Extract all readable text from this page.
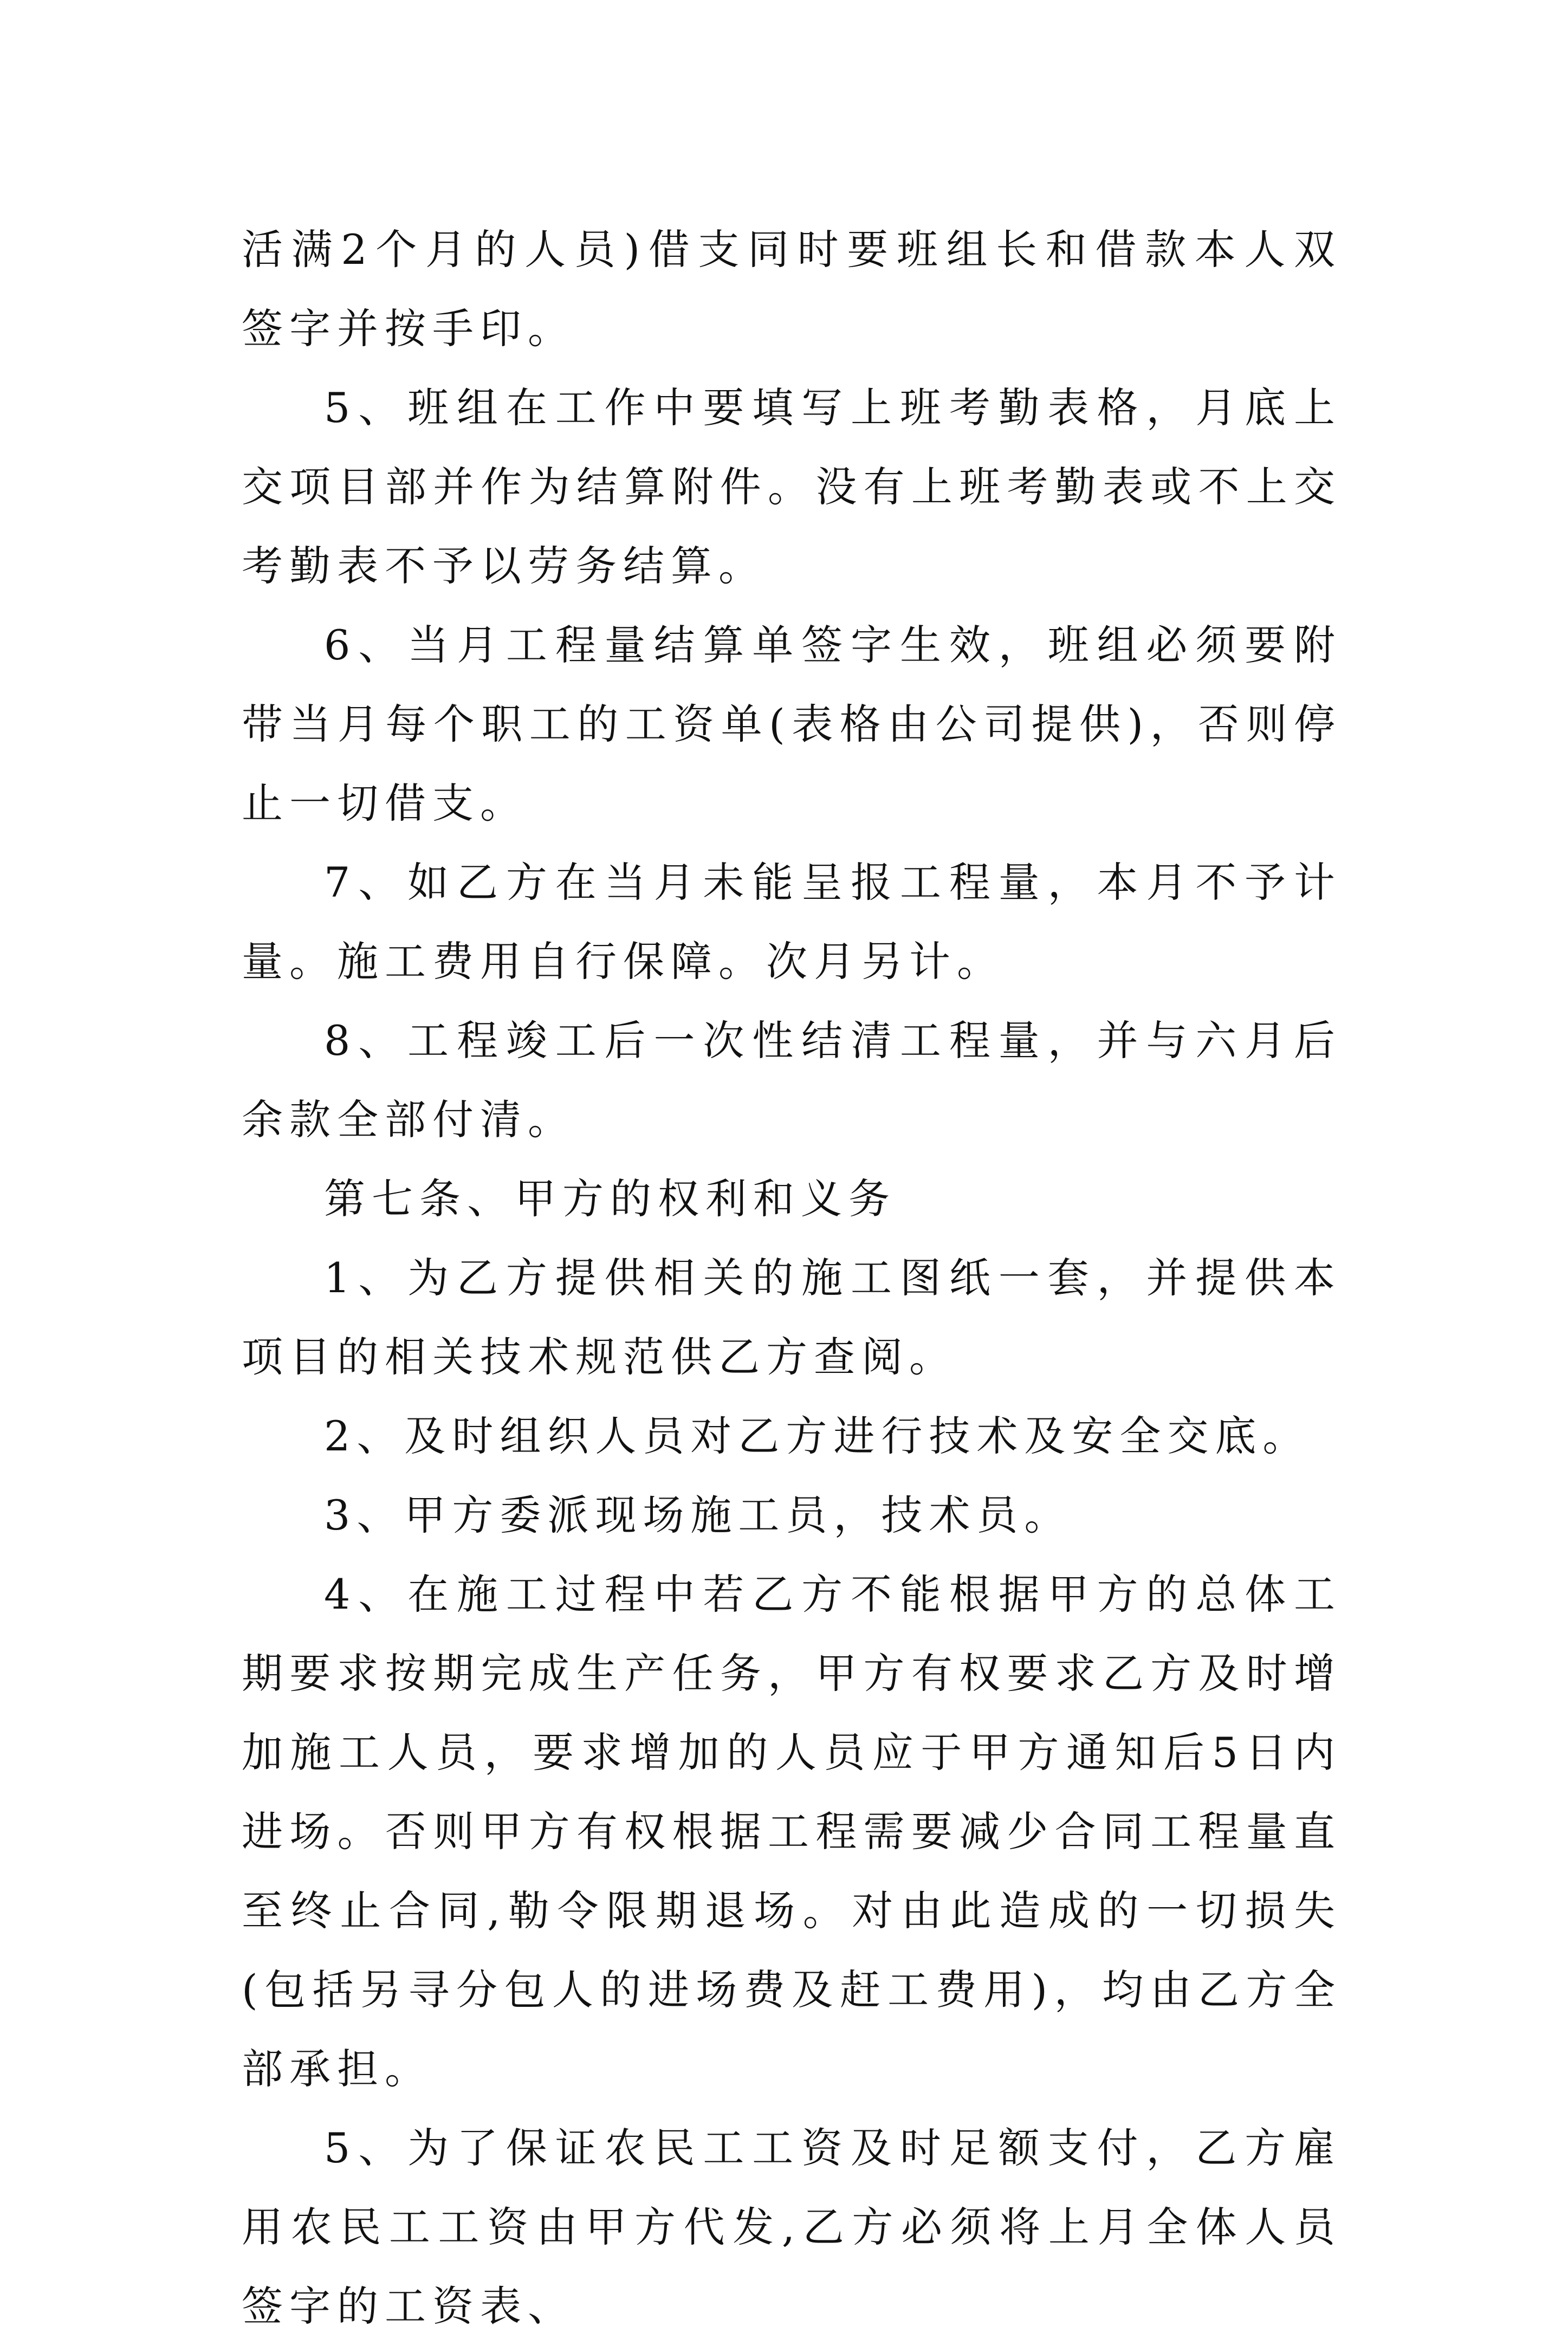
活满2个月的人员)借支同时要班组长和借款本人双签字并按手印。

5、班组在工作中要填写上班考勤表格，月底上交项目部并作为结算附件。没有上班考勤表或不上交考勤表不予以劳务结算。

6、当月工程量结算单签字生效，班组必须要附带当月每个职工的工资单(表格由公司提供)，否则停止一切借支。

7、如乙方在当月未能呈报工程量，本月不予计量。施工费用自行保障。次月另计。

8、工程竣工后一次性结清工程量，并与六月后余款全部付清。

第七条、甲方的权利和义务

1、为乙方提供相关的施工图纸一套，并提供本项目的相关技术规范供乙方查阅。

2、及时组织人员对乙方进行技术及安全交底。

3、甲方委派现场施工员，技术员。

4、在施工过程中若乙方不能根据甲方的总体工期要求按期完成生产任务，甲方有权要求乙方及时增加施工人员，要求增加的人员应于甲方通知后5日内进场。否则甲方有权根据工程需要减少合同工程量直至终止合同,勒令限期退场。对由此造成的一切损失(包括另寻分包人的进场费及赶工费用)，均由乙方全部承担。

5、为了保证农民工工资及时足额支付，乙方雇用农民工工资由甲方代发,乙方必须将上月全体人员签字的工资表、
